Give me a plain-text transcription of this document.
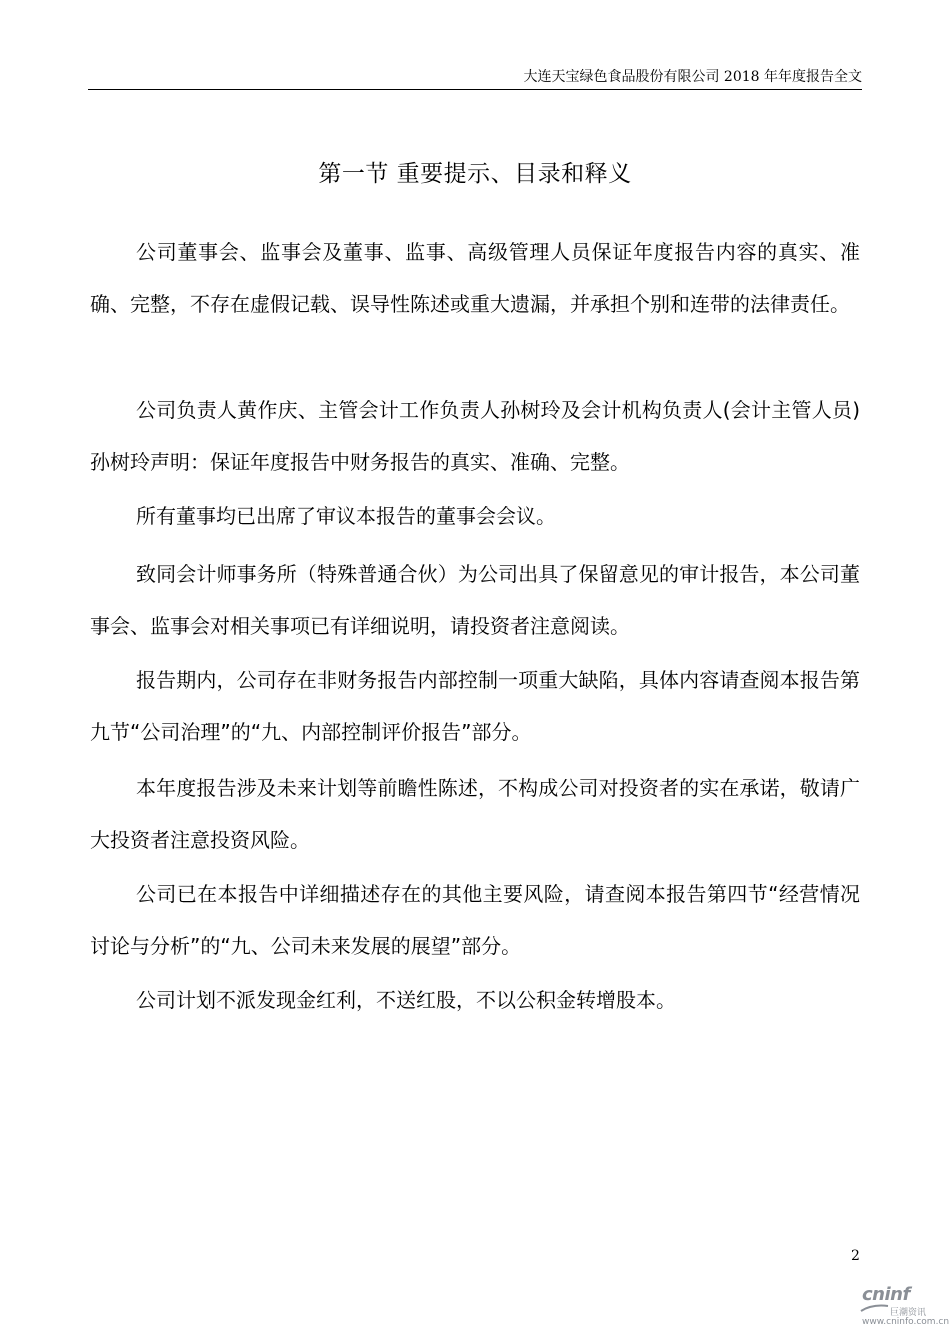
大连天宝绿色食品股份有限公司 2018 年年度报告全文
第一节 重要提示、目录和释义

公司董事会、监事会及董事、监事、高级管理人员保证年度报告内容的真实、准确、完整，不存在虚假记载、误导性陈述或重大遗漏，并承担个别和连带的法律责任。

公司负责人黄作庆、主管会计工作负责人孙树玲及会计机构负责人(会计主管人员)孙树玲声明：保证年度报告中财务报告的真实、准确、完整。

所有董事均已出席了审议本报告的董事会会议。

致同会计师事务所（特殊普通合伙）为公司出具了保留意见的审计报告，本公司董事会、监事会对相关事项已有详细说明，请投资者注意阅读。

报告期内，公司存在非财务报告内部控制一项重大缺陷，具体内容请查阅本报告第九节“公司治理”的“九、内部控制评价报告”部分。

本年度报告涉及未来计划等前瞻性陈述，不构成公司对投资者的实在承诺，敬请广大投资者注意投资风险。

公司已在本报告中详细描述存在的其他主要风险，请查阅本报告第四节“经营情况讨论与分析”的“九、公司未来发展的展望”部分。

公司计划不派发现金红利，不送红股，不以公积金转增股本。

2
cninf
巨潮资讯
www.cninfo.com.cn
